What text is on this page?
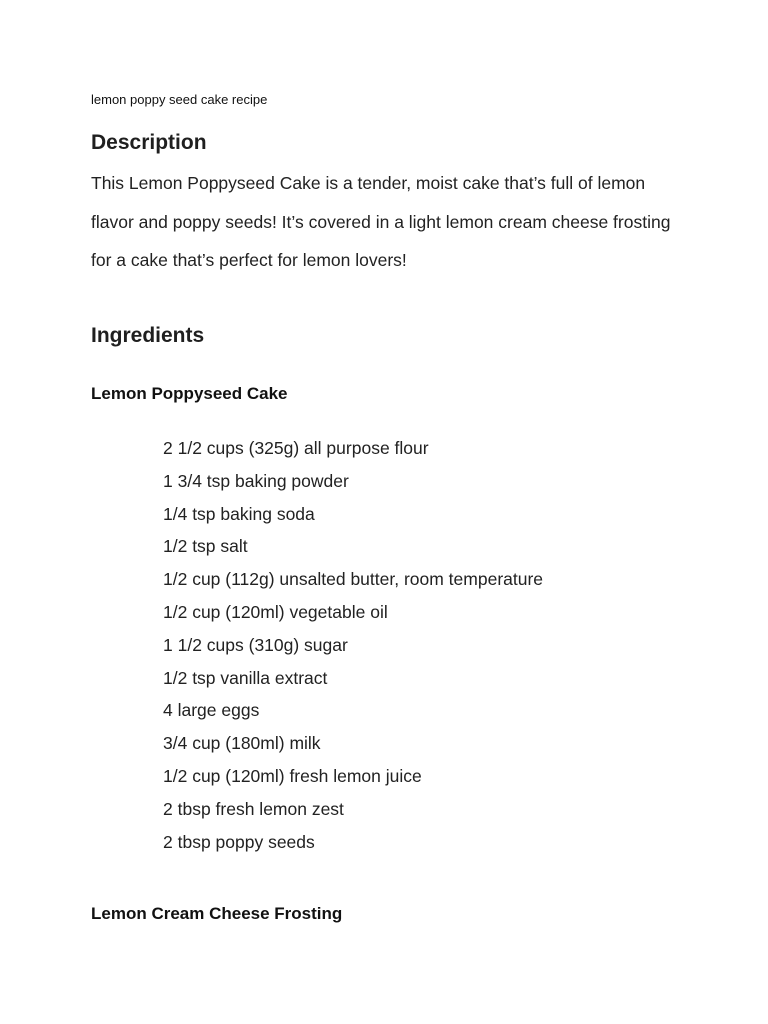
lemon poppy seed cake recipe
Description

This Lemon Poppyseed Cake is a tender, moist cake that’s full of lemon flavor and poppy seeds! It’s covered in a light lemon cream cheese frosting for a cake that’s perfect for lemon lovers!

Ingredients
Lemon Poppyseed Cake
2 1/2 cups (325g) all purpose flour
1 3/4 tsp baking powder
1/4 tsp baking soda
1/2 tsp salt
1/2 cup (112g) unsalted butter, room temperature
1/2 cup (120ml) vegetable oil
1 1/2 cups (310g) sugar
1/2 tsp vanilla extract
4 large eggs
3/4 cup (180ml) milk
1/2 cup (120ml) fresh lemon juice
2 tbsp fresh lemon zest
2 tbsp poppy seeds
Lemon Cream Cheese Frosting
